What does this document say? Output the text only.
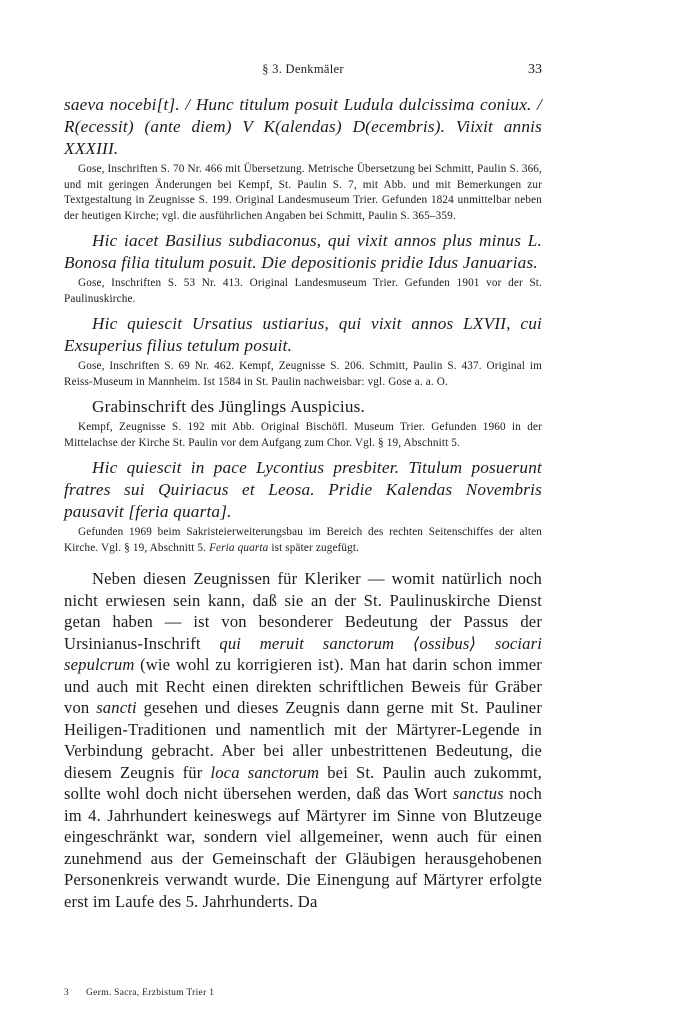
§ 3. Denkmäler	33

saeva nocebi[t]. / Hunc titulum posuit Ludula dulcissima coniux. / R(ecessit) (ante diem) V K(alendas) D(ecembris). Viixit annis XXXIII.

Gose, Inschriften S. 70 Nr. 466 mit Übersetzung. Metrische Übersetzung bei Schmitt, Paulin S. 366, und mit geringen Änderungen bei Kempf, St. Paulin S. 7, mit Abb. und mit Bemerkungen zur Textgestaltung in Zeugnisse S. 199. Original Landesmuseum Trier. Gefunden 1824 unmittelbar neben der heutigen Kirche; vgl. die ausführlichen Angaben bei Schmitt, Paulin S. 365–359.

Hic iacet Basilius subdiaconus, qui vixit annos plus minus L. Bonosa filia titulum posuit. Die depositionis pridie Idus Januarias.

Gose, Inschriften S. 53 Nr. 413. Original Landesmuseum Trier. Gefunden 1901 vor der St. Paulinuskirche.

Hic quiescit Ursatius ustiarius, qui vixit annos LXVII, cui Exsuperius filius tetulum posuit.

Gose, Inschriften S. 69 Nr. 462. Kempf, Zeugnisse S. 206. Schmitt, Paulin S. 437. Original im Reiss-Museum in Mannheim. Ist 1584 in St. Paulin nachweisbar: vgl. Gose a. a. O.

Grabinschrift des Jünglings Auspicius.

Kempf, Zeugnisse S. 192 mit Abb. Original Bischöfl. Museum Trier. Gefunden 1960 in der Mittelachse der Kirche St. Paulin vor dem Aufgang zum Chor. Vgl. § 19, Abschnitt 5.

Hic quiescit in pace Lycontius presbiter. Titulum posuerunt fratres sui Quiriacus et Leosa. Pridie Kalendas Novembris pausavit [feria quarta].

Gefunden 1969 beim Sakristeierweiterungsbau im Bereich des rechten Seitenschiffes der alten Kirche. Vgl. § 19, Abschnitt 5. Feria quarta ist später zugefügt.

Neben diesen Zeugnissen für Kleriker — womit natürlich noch nicht erwiesen sein kann, daß sie an der St. Paulinuskirche Dienst getan haben — ist von besonderer Bedeutung der Passus der Ursinianus-Inschrift qui meruit sanctorum ⟨ossibus⟩ sociari sepulcrum (wie wohl zu korrigieren ist). Man hat darin schon immer und auch mit Recht einen direkten schriftlichen Beweis für Gräber von sancti gesehen und dieses Zeugnis dann gerne mit St. Pauliner Heiligen-Traditionen und namentlich mit der Märtyrer-Legende in Verbindung gebracht. Aber bei aller unbestrittenen Bedeutung, die diesem Zeugnis für loca sanctorum bei St. Paulin auch zukommt, sollte wohl doch nicht übersehen werden, daß das Wort sanctus noch im 4. Jahrhundert keineswegs auf Märtyrer im Sinne von Blutzeuge eingeschränkt war, sondern viel allgemeiner, wenn auch für einen zunehmend aus der Gemeinschaft der Gläubigen herausgehobenen Personenkreis verwandt wurde. Die Einengung auf Märtyrer erfolgte erst im Laufe des 5. Jahrhunderts. Da

3 Germ. Sacra, Erzbistum Trier 1
